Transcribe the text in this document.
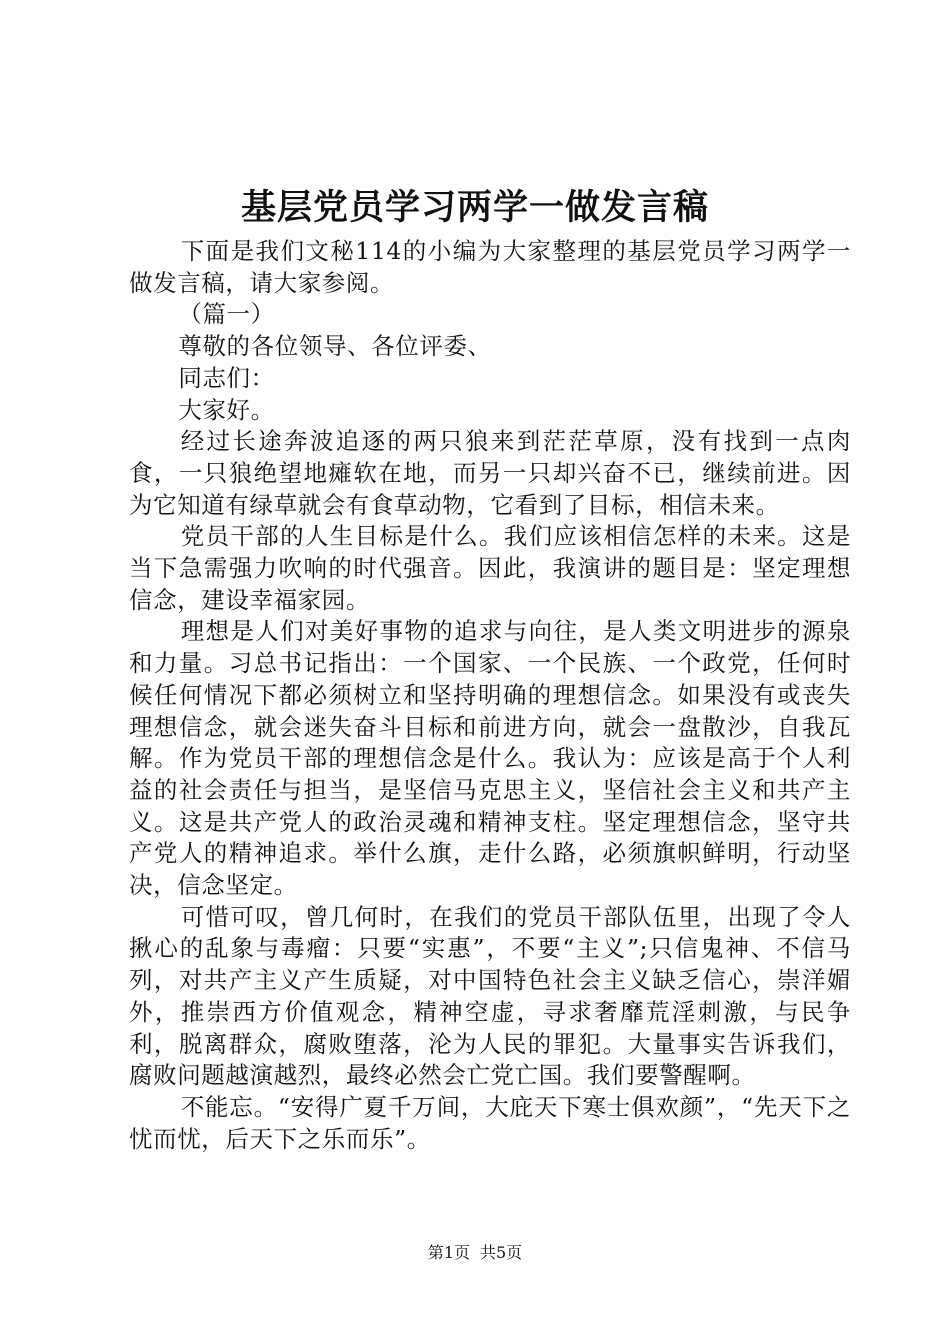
基层党员学习两学一做发言稿

下面是我们文秘114的小编为大家整理的基层党员学习两学一做发言稿，请大家参阅。

（篇一）

尊敬的各位领导、各位评委、

同志们：

大家好。

经过长途奔波追逐的两只狼来到茫茫草原，没有找到一点肉食，一只狼绝望地瘫软在地，而另一只却兴奋不已，继续前进。因为它知道有绿草就会有食草动物，它看到了目标，相信未来。

党员干部的人生目标是什么。我们应该相信怎样的未来。这是当下急需强力吹响的时代强音。因此，我演讲的题目是：坚定理想信念，建设幸福家园。

理想是人们对美好事物的追求与向往，是人类文明进步的源泉和力量。习总书记指出：一个国家、一个民族、一个政党，任何时候任何情况下都必须树立和坚持明确的理想信念。如果没有或丧失理想信念，就会迷失奋斗目标和前进方向，就会一盘散沙，自我瓦解。作为党员干部的理想信念是什么。我认为：应该是高于个人利益的社会责任与担当，是坚信马克思主义，坚信社会主义和共产主义。这是共产党人的政治灵魂和精神支柱。坚定理想信念，坚守共产党人的精神追求。举什么旗，走什么路，必须旗帜鲜明，行动坚决，信念坚定。

可惜可叹，曾几何时，在我们的党员干部队伍里，出现了令人揪心的乱象与毒瘤：只要“实惠”，不要“主义”;只信鬼神、不信马列，对共产主义产生质疑，对中国特色社会主义缺乏信心，崇洋媚外，推崇西方价值观念，精神空虚，寻求奢靡荒淫刺激，与民争利，脱离群众，腐败堕落，沦为人民的罪犯。大量事实告诉我们，腐败问题越演越烈，最终必然会亡党亡国。我们要警醒啊。

不能忘。“安得广夏千万间，大庇天下寒士俱欢颜”，“先天下之忧而忧，后天下之乐而乐”。

第1页 共5页
